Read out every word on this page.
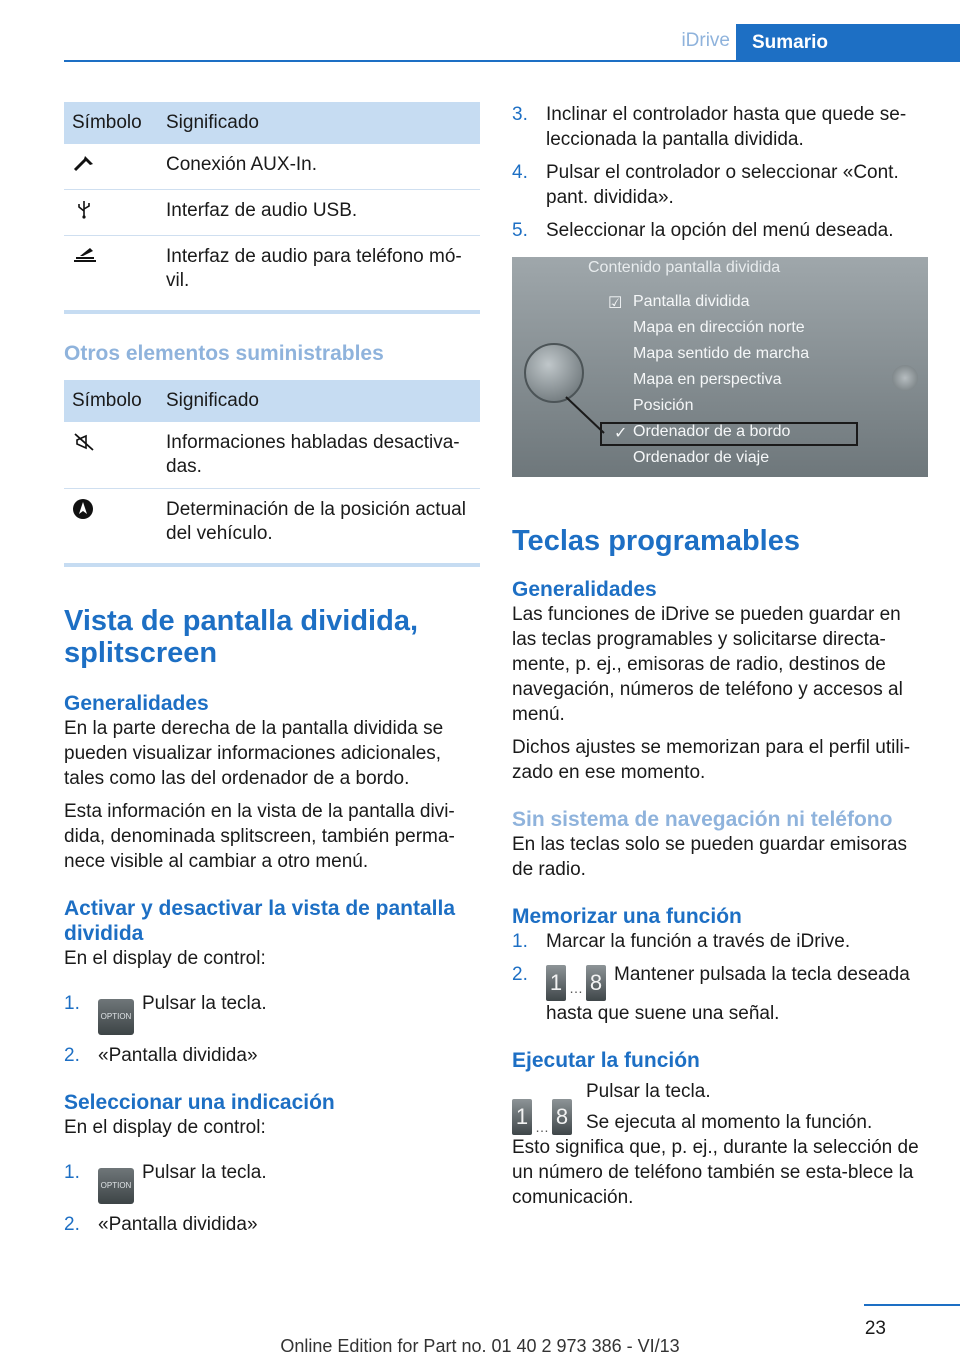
iDrive	Sumario
Símbolo	Significado
	Conexión AUX-In.
	Interfaz de audio USB.
	Interfaz de audio para teléfono mó-vil.
Otros elementos suministrables
Símbolo	Significado
	Informaciones habladas desactiva-das.
	Determinación de la posición actual del vehículo.
Vista de pantalla dividida, splitscreen
Generalidades

En la parte derecha de la pantalla dividida se pueden visualizar informaciones adicionales, tales como las del ordenador de a bordo.

Esta información en la vista de la pantalla divi-dida, denominada splitscreen, también perma-nece visible al cambiar a otro menú.

Activar y desactivar la vista de pantalla dividida

En el display de control:

1.
OPTIONPulsar la tecla.
2. «Pantalla dividida»
Seleccionar una indicación

En el display de control:

1.
OPTIONPulsar la tecla.
2. «Pantalla dividida»
3. Inclinar el controlador hasta que quede se-leccionada la pantalla dividida.
4. Pulsar el controlador o seleccionar «Cont. pant. dividida».
5. Seleccionar la opción del menú deseada.
Contenido pantalla dividida
☑ Pantalla dividida
Mapa en dirección norte
Mapa sentido de marcha
Mapa en perspectiva
Posición
✓ Ordenador de a bordo
Ordenador de viaje
Teclas programables
Generalidades

Las funciones de iDrive se pueden guardar en las teclas programables y solicitarse directa-mente, p. ej., emisoras de radio, destinos de navegación, números de teléfono y accesos al menú.

Dichos ajustes se memorizan para el perfil utili-zado en ese momento.

Sin sistema de navegación ni teléfono

En las teclas solo se pueden guardar emisoras de radio.

Memorizar una función
1. Marcar la función a través de iDrive.
2.	1 … 8 Mantener pulsada la tecla deseada hasta que suene una señal.
Ejecutar la función
1 … 8

Pulsar la tecla.

Se ejecuta al momento la función.

Esto significa que, p. ej., durante la selección de un número de teléfono también se esta-blece la comunicación.

23
Online Edition for Part no. 01 40 2 973 386 - VI/13
